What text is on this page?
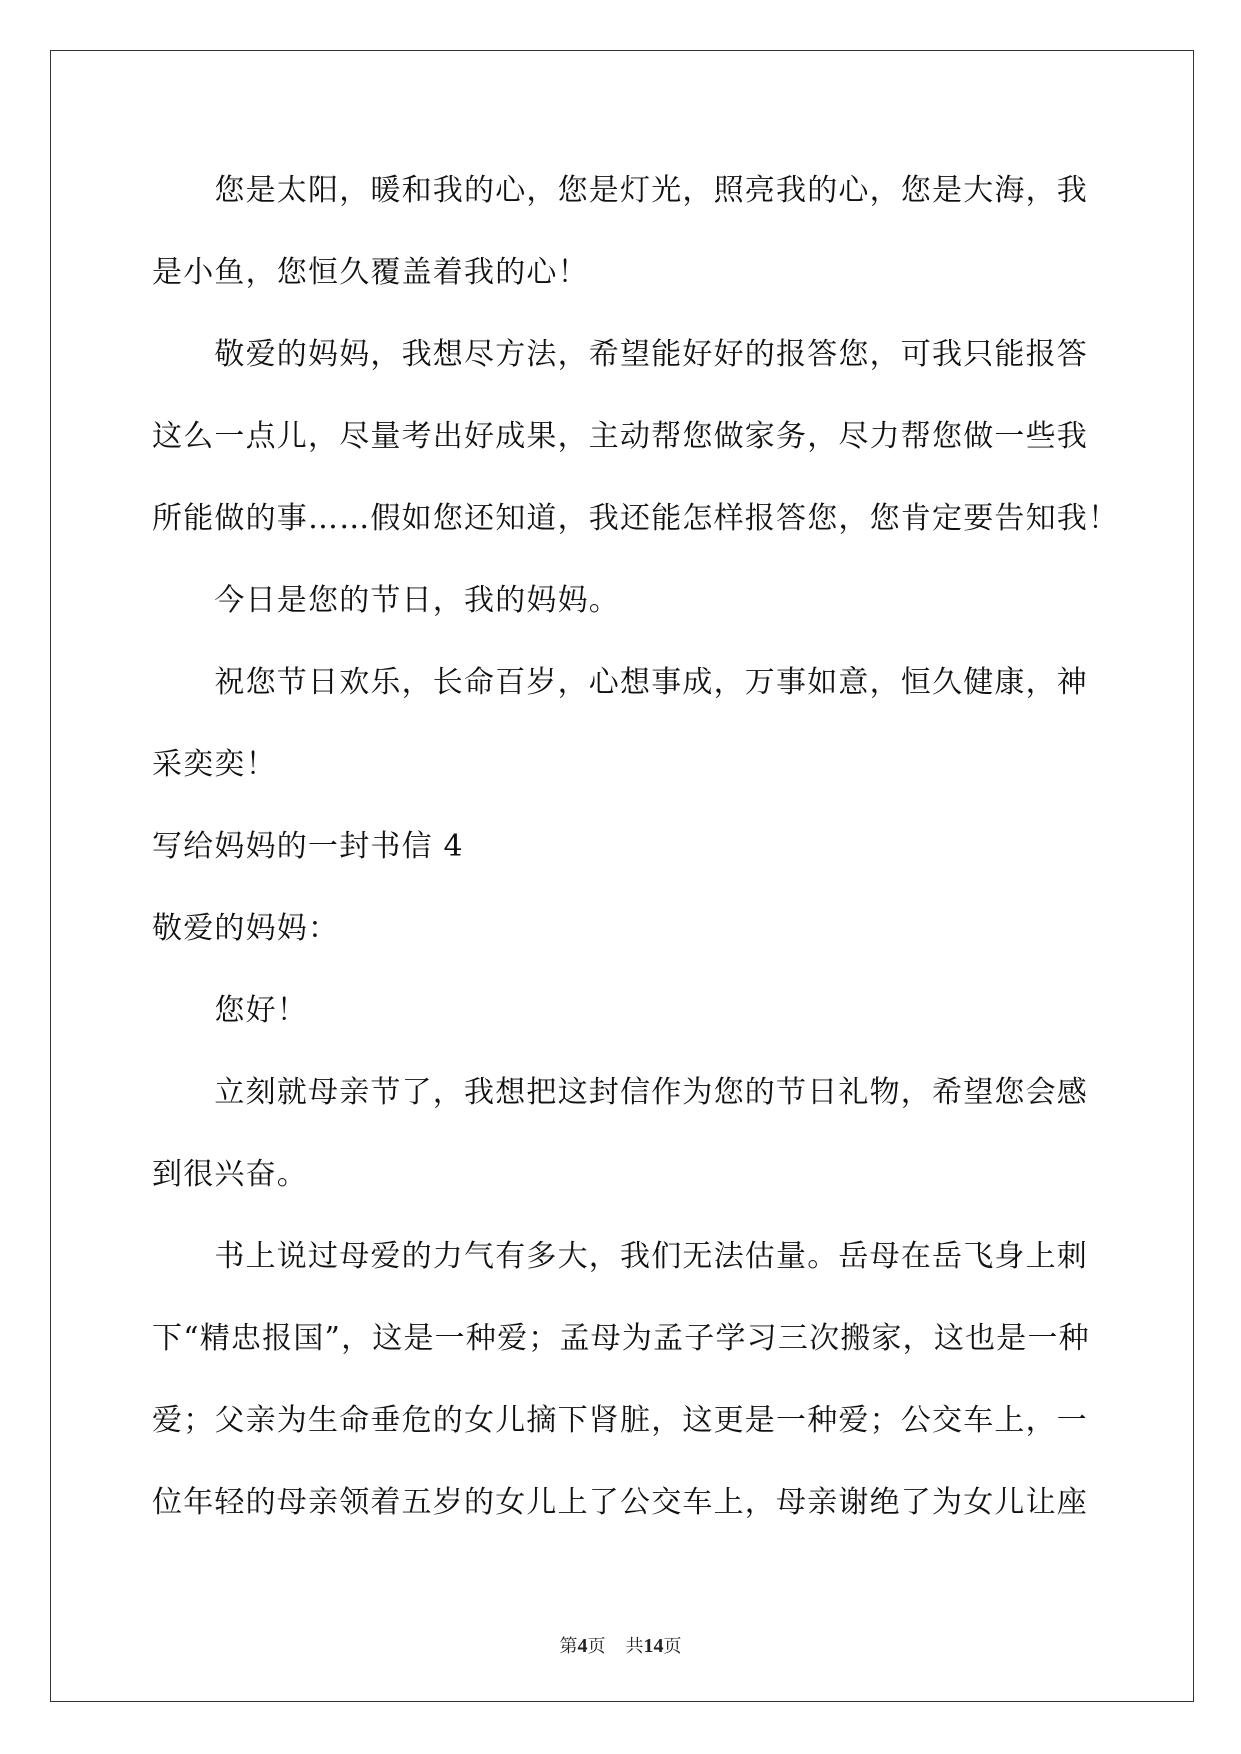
　　您是太阳，暖和我的心，您是灯光，照亮我的心，您是大海，我
是小鱼，您恒久覆盖着我的心！
　　敬爱的妈妈，我想尽方法，希望能好好的报答您，可我只能报答
这么一点儿，尽量考出好成果，主动帮您做家务，尽力帮您做一些我
所能做的事……假如您还知道，我还能怎样报答您，您肯定要告知我！
　　今日是您的节日，我的妈妈。
　　祝您节日欢乐，长命百岁，心想事成，万事如意，恒久健康，神
采奕奕！
写给妈妈的一封书信 4
敬爱的妈妈：
　　您好！
　　立刻就母亲节了，我想把这封信作为您的节日礼物，希望您会感
到很兴奋。
　　书上说过母爱的力气有多大，我们无法估量。岳母在岳飞身上刺
下“精忠报国”，这是一种爱；孟母为孟子学习三次搬家，这也是一种
爱；父亲为生命垂危的女儿摘下肾脏，这更是一种爱；公交车上，一
位年轻的母亲领着五岁的女儿上了公交车上，母亲谢绝了为女儿让座
第4页 共14页
